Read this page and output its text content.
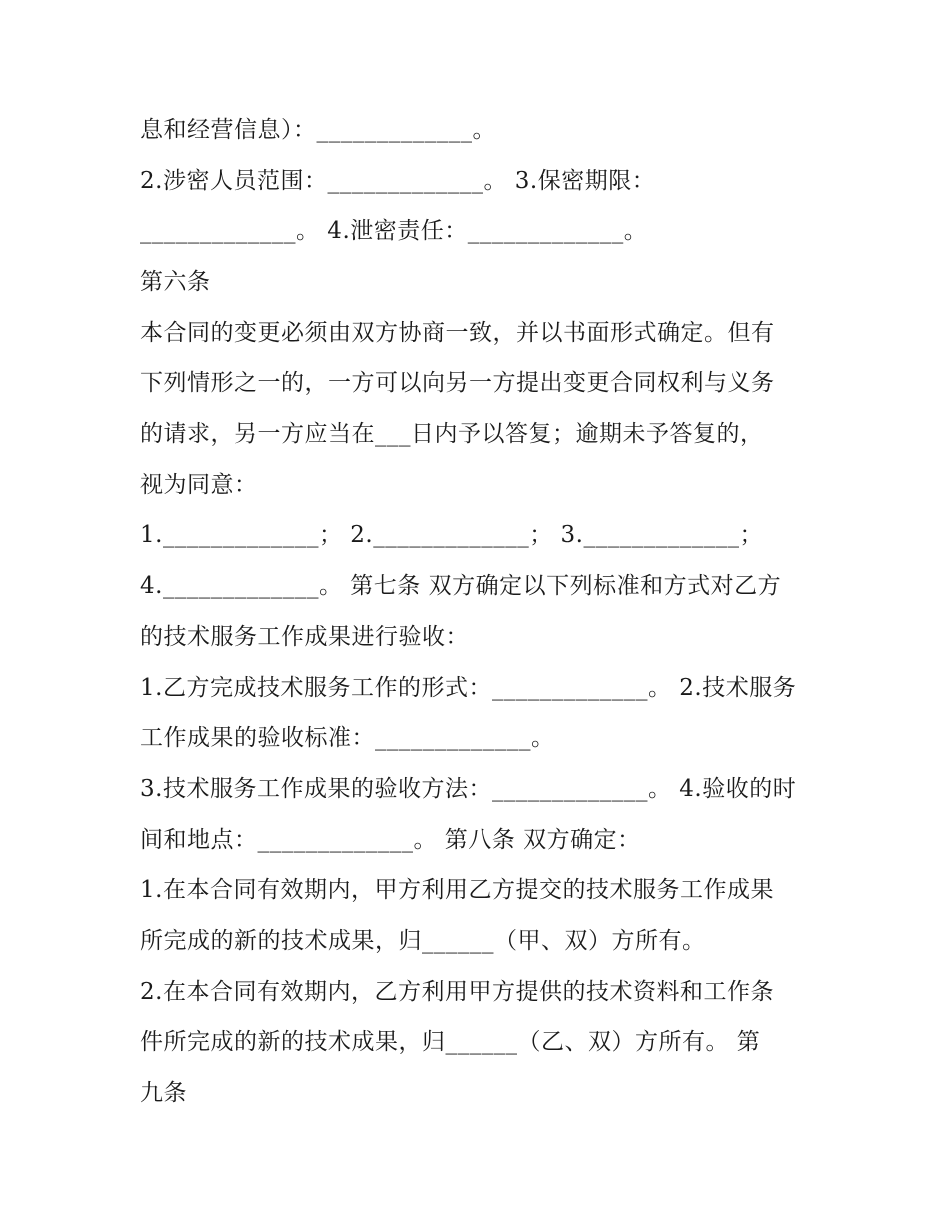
息和经营信息）：_____________。
2.涉密人员范围：_____________。 3.保密期限：
_____________。 4.泄密责任：_____________。
第六条
本合同的变更必须由双方协商一致，并以书面形式确定。但有
下列情形之一的，一方可以向另一方提出变更合同权利与义务
的请求，另一方应当在___日内予以答复；逾期未予答复的，
视为同意：
1._____________； 2._____________； 3._____________；
4._____________。 第七条 双方确定以下列标准和方式对乙方
的技术服务工作成果进行验收：
1.乙方完成技术服务工作的形式：_____________。 2.技术服务
工作成果的验收标准：_____________。
3.技术服务工作成果的验收方法：_____________。 4.验收的时
间和地点：_____________。 第八条 双方确定：
1.在本合同有效期内，甲方利用乙方提交的技术服务工作成果
所完成的新的技术成果，归______（甲、双）方所有。
2.在本合同有效期内，乙方利用甲方提供的技术资料和工作条
件所完成的新的技术成果，归______（乙、双）方所有。 第
九条
